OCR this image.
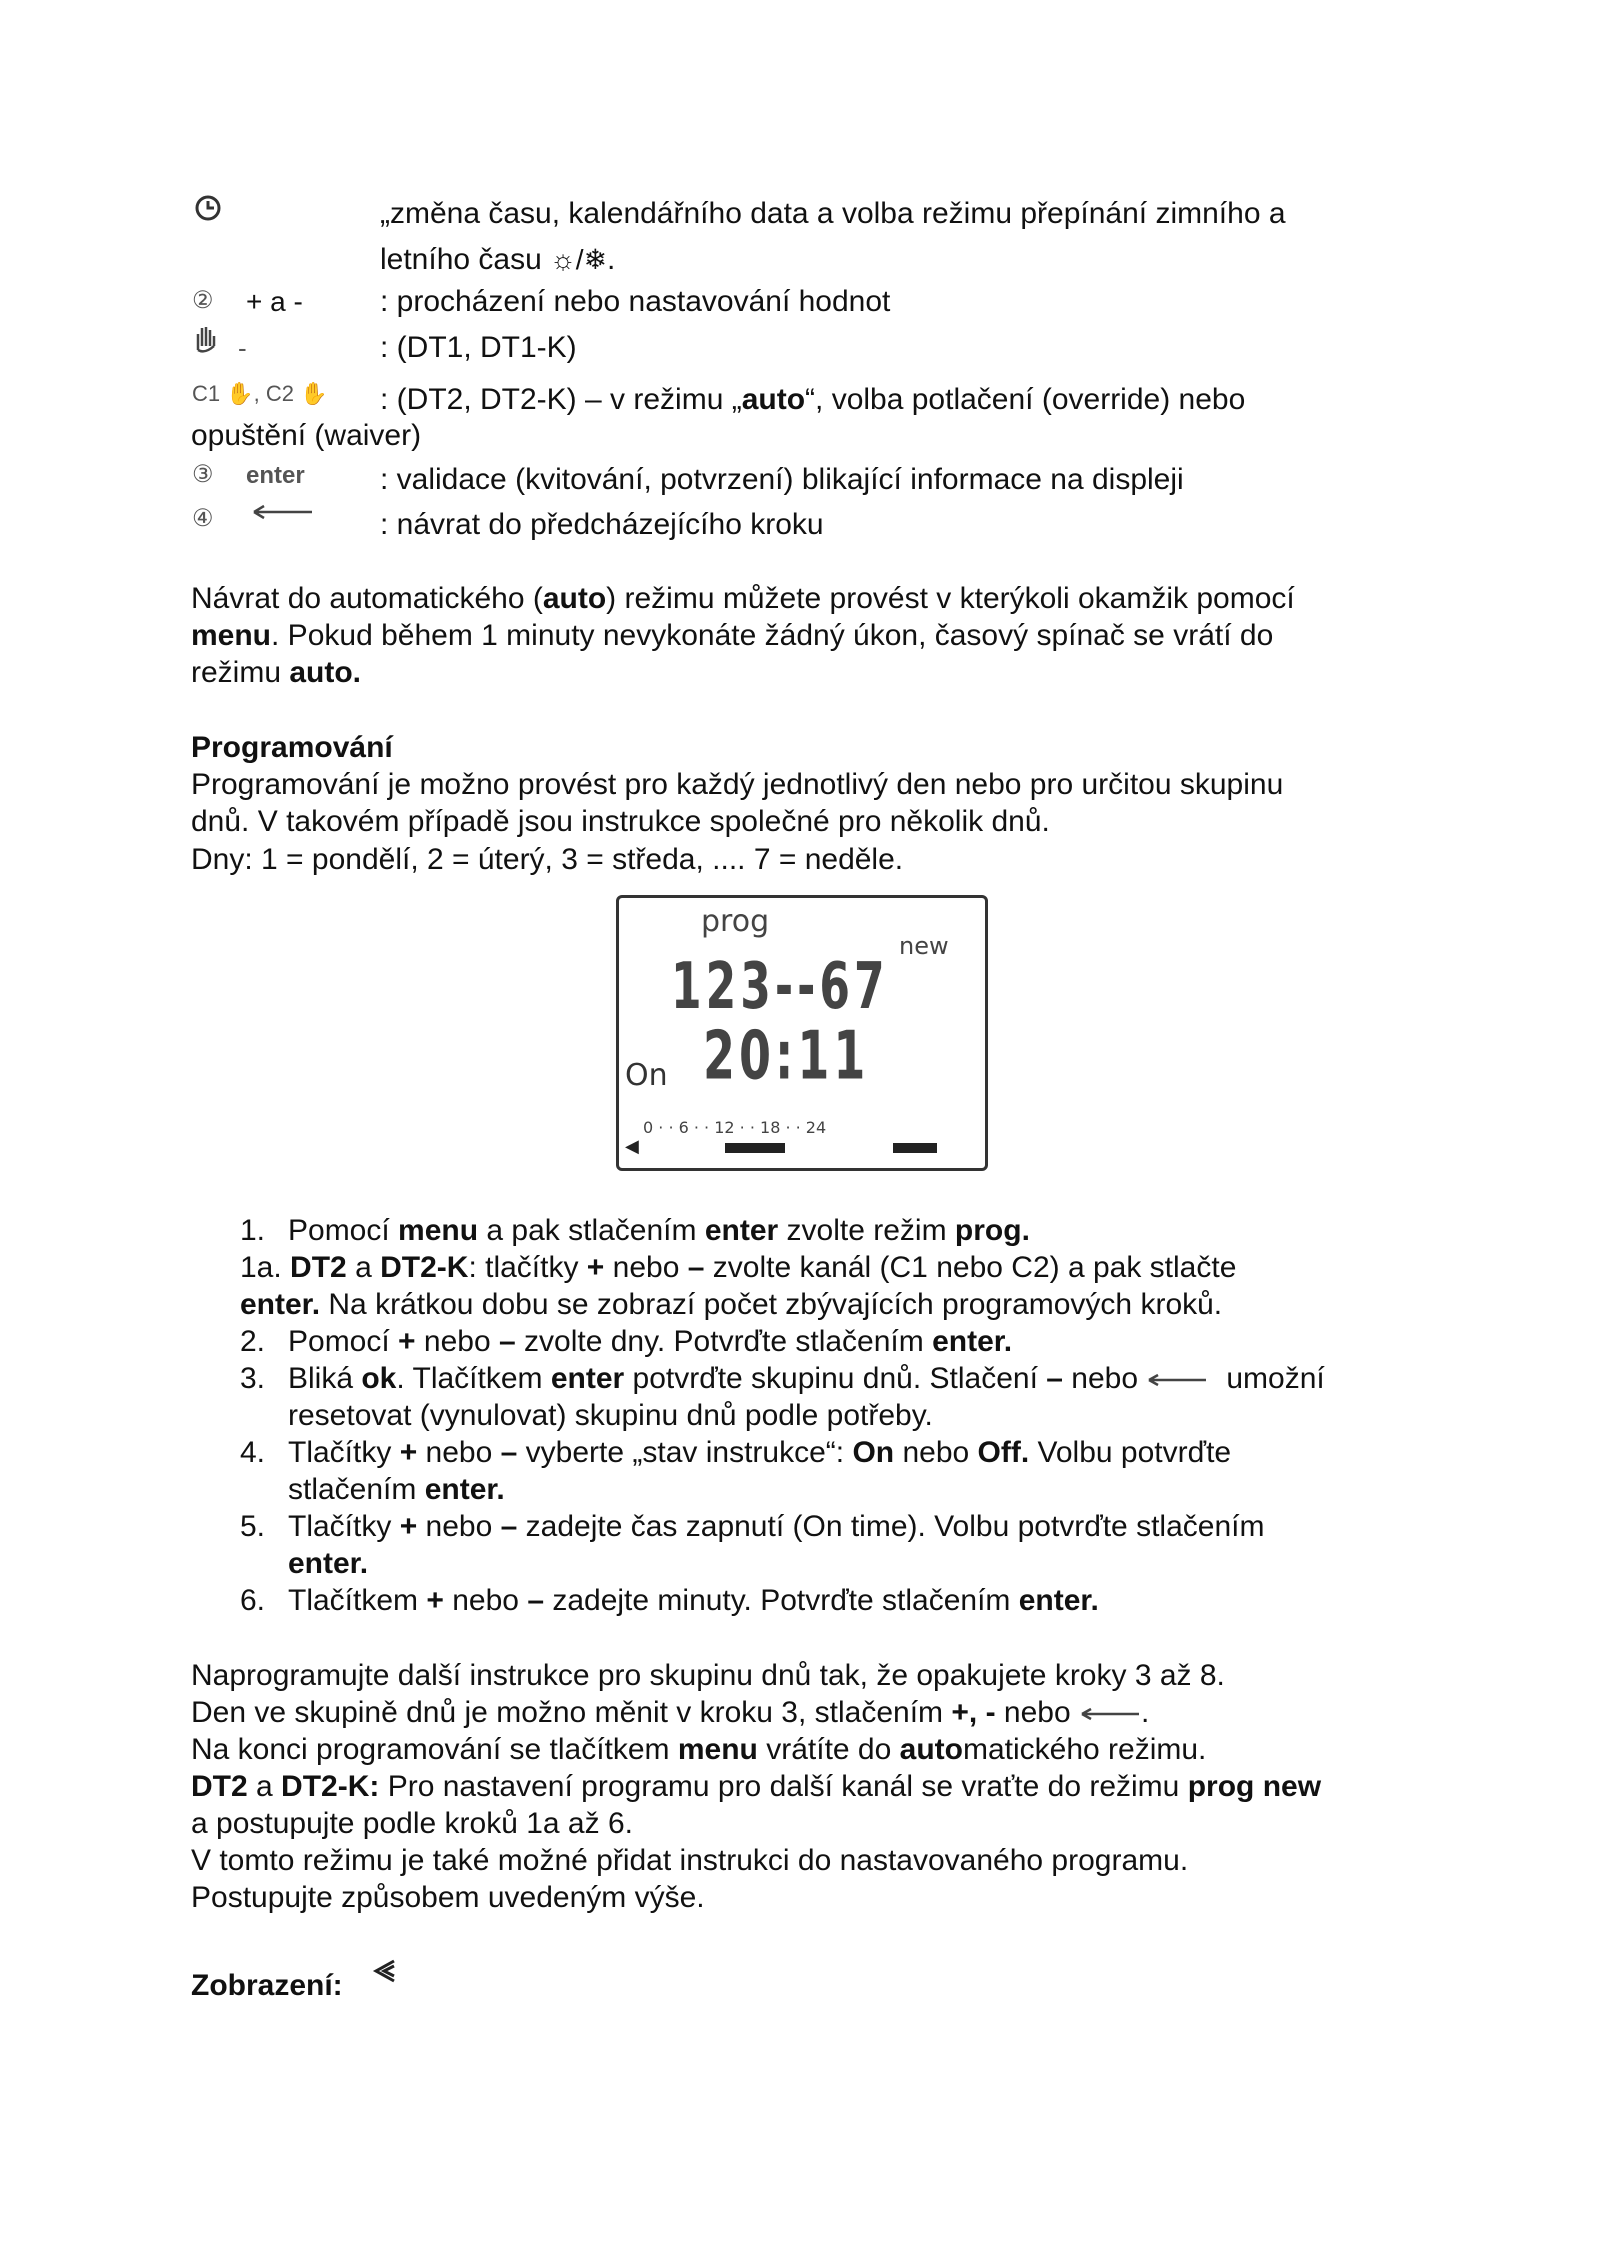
„změna času, kalendářního data a volba režimu přepínání zimního a
letního času ☼/❄.
② + a -	: procházení nebo nastavování hodnot
-	: (DT1, DT1-K)
C1 ✋, C2 ✋ : (DT2, DT2-K) – v režimu „auto“, volba potlačení (override) nebo
opuštění (waiver)
③ enter	: validace (kvitování, potvrzení) blikající informace na displeji
④	: návrat do předcházejícího kroku
Návrat do automatického (auto) režimu můžete provést v kterýkoli okamžik pomocí
menu. Pokud během 1 minuty nevykonáte žádný úkon, časový spínač se vrátí do
režimu auto.
Programování
Programování je možno provést pro každý jednotlivý den nebo pro určitou skupinu
dnů. V takovém případě jsou instrukce společné pro několik dnů.
Dny: 1 = pondělí, 2 = úterý, 3 = středa, .... 7 = neděle.
prog
new
123--67
20:11
On
0 · · 6 · · 12 · · 18 · · 24
◀
1. Pomocí menu a pak stlačením enter zvolte režim prog.
1a. DT2 a DT2-K: tlačítky + nebo – zvolte kanál (C1 nebo C2) a pak stlačte
enter. Na krátkou dobu se zobrazí počet zbývajících programových kroků.
2. Pomocí + nebo – zvolte dny. Potvrďte stlačením enter.
3. Bliká ok. Tlačítkem enter potvrďte skupinu dnů. Stlačení – nebo	umožní
resetovat (vynulovat) skupinu dnů podle potřeby.
4. Tlačítky + nebo – vyberte „stav instrukce“: On nebo Off. Volbu potvrďte
stlačením enter.
5. Tlačítky + nebo – zadejte čas zapnutí (On time). Volbu potvrďte stlačením
enter.
6. Tlačítkem + nebo – zadejte minuty. Potvrďte stlačením enter.
Naprogramujte další instrukce pro skupinu dnů tak, že opakujete kroky 3 až 8.
Den ve skupině dnů je možno měnit v kroku 3, stlačením +, - nebo .
Na konci programování se tlačítkem menu vrátíte do automatického režimu.
DT2 a DT2-K: Pro nastavení programu pro další kanál se vraťte do režimu prog new
a postupujte podle kroků 1a až 6.
V tomto režimu je také možné přidat instrukci do nastavovaného programu.
Postupujte způsobem uvedeným výše.
Zobrazení:
